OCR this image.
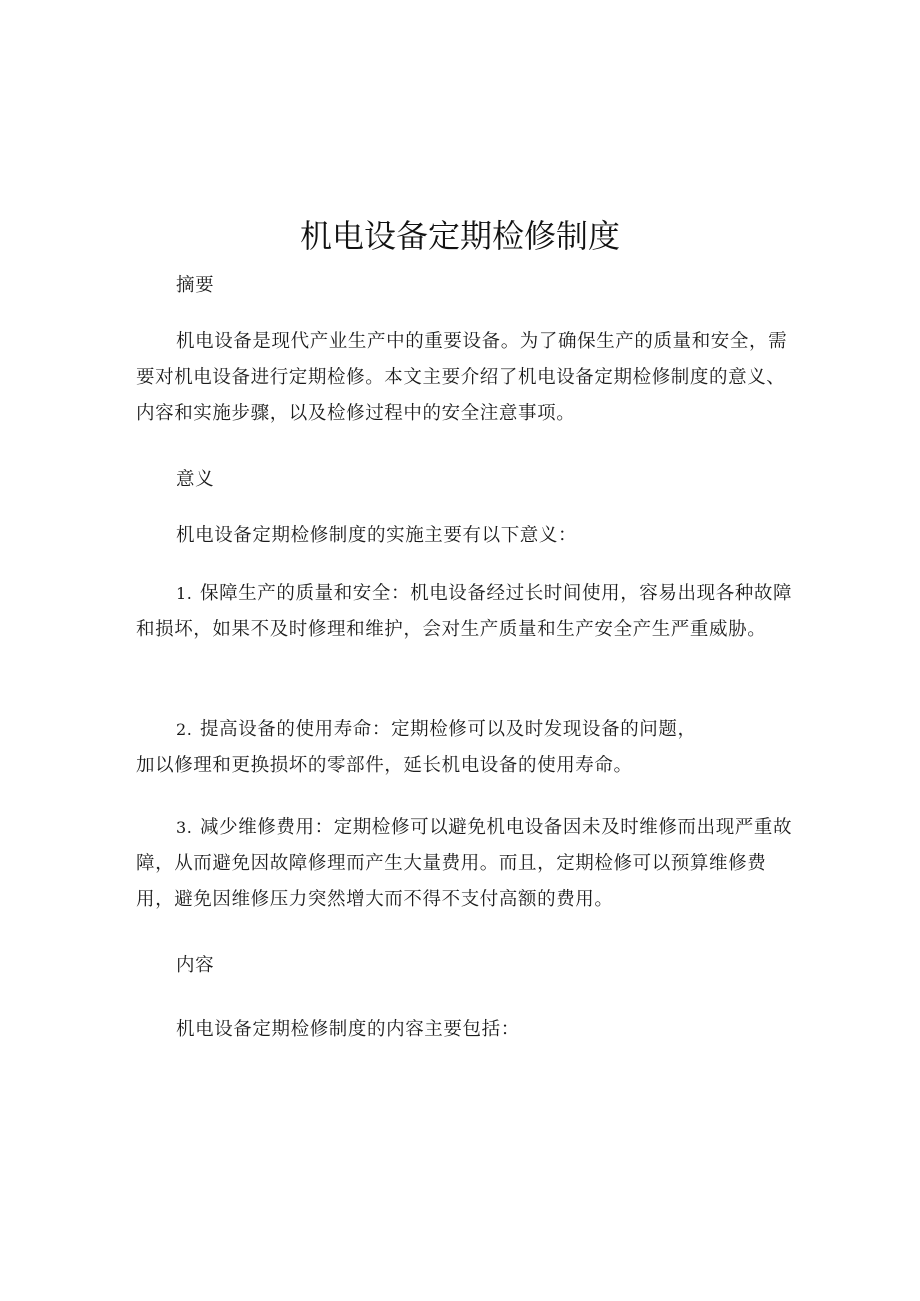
机电设备定期检修制度
摘要
机电设备是现代产业生产中的重要设备。为了确保生产的质量和安全，需要对机电设备进行定期检修。本文主要介绍了机电设备定期检修制度的意义、内容和实施步骤，以及检修过程中的安全注意事项。
意义
机电设备定期检修制度的实施主要有以下意义：
1. 保障生产的质量和安全：机电设备经过长时间使用，容易出现各种故障和损坏，如果不及时修理和维护，会对生产质量和生产安全产生严重威胁。
2. 提高设备的使用寿命：定期检修可以及时发现设备的问题，
加以修理和更换损坏的零部件，延长机电设备的使用寿命。
3. 减少维修费用：定期检修可以避免机电设备因未及时维修而出现严重故障，从而避免因故障修理而产生大量费用。而且，定期检修可以预算维修费用，避免因维修压力突然增大而不得不支付高额的费用。
内容
机电设备定期检修制度的内容主要包括：
